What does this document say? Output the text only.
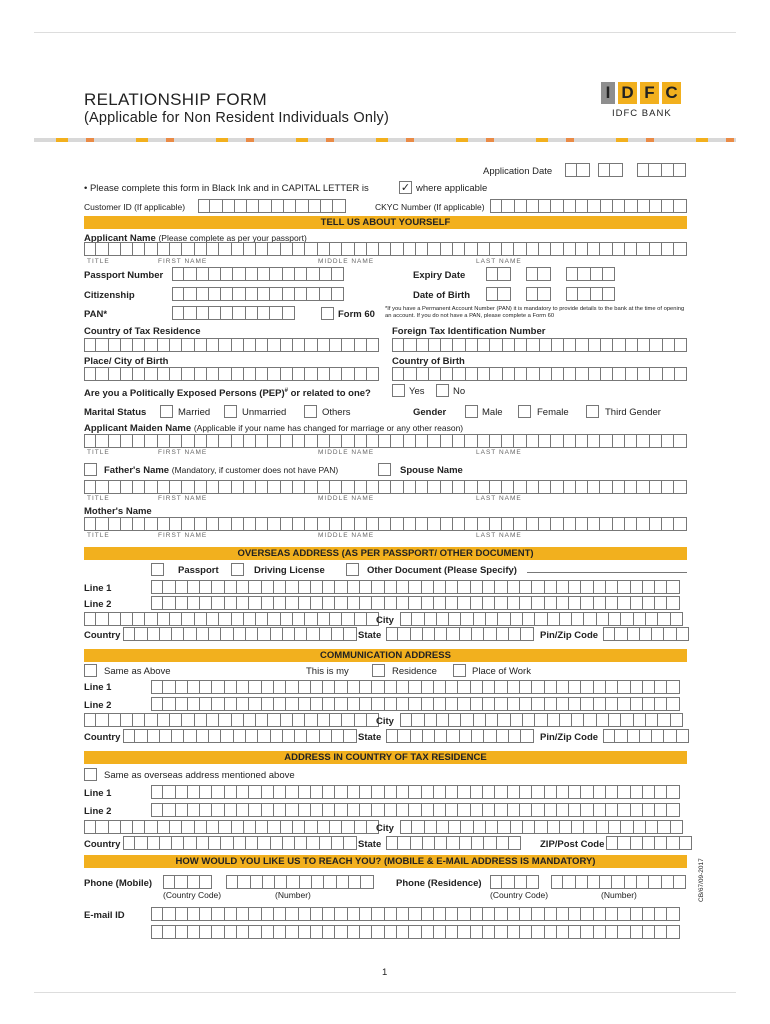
RELATIONSHIP FORM
(Applicable for Non Resident Individuals Only)
I D F C
IDFC BANK
Application Date
• Please complete this form in Black Ink and in CAPITAL LETTER is	✓ where applicable
Customer ID (If applicable)	CKYC Number (If applicable)
TELL US ABOUT YOURSELF
Applicant Name (Please complete as per your passport)
TITLE	FIRST NAME	MIDDLE NAME	LAST NAME
Passport Number	Expiry Date
Citizenship	Date of Birth
PAN*	Form 60 *If you have a Permanent Account Number (PAN) it is mandatory to provide details to the bank at the time of opening an account. If you do not have a PAN, please complete a Form 60
Country of Tax Residence	Foreign Tax Identification Number
Place/ City of Birth	Country of Birth
Are you a Politically Exposed Persons (PEP)# or related to one?	Yes	No
Marital Status	Married	Unmarried	Others	Gender	Male	Female	Third Gender
Applicant Maiden Name (Applicable if your name has changed for marriage or any other reason)
TITLE	FIRST NAME	MIDDLE NAME	LAST NAME
Father's Name (Mandatory, if customer does not have PAN)	Spouse Name
TITLE	FIRST NAME	MIDDLE NAME	LAST NAME
Mother's Name
TITLE	FIRST NAME	MIDDLE NAME	LAST NAME
OVERSEAS ADDRESS (AS PER PASSPORT/ OTHER DOCUMENT)
Passport	Driving License	Other Document (Please Specify)
Line 1
Line 2
City
Country	State	Pin/Zip Code
COMMUNICATION ADDRESS
Same as Above	This is my	Residence	Place of Work
Line 1
Line 2
City
Country	State	Pin/Zip Code
ADDRESS IN COUNTRY OF TAX RESIDENCE
Same as overseas address mentioned above
Line 1
Line 2
City
Country	State	ZIP/Post Code
HOW WOULD YOU LIKE US TO REACH YOU? (MOBILE & E-MAIL ADDRESS IS MANDATORY)
Phone (Mobile)
(Country Code)	(Number)
Phone (Residence)
(Country Code)	(Number)
E-mail ID
CB/67/09-2017
1
